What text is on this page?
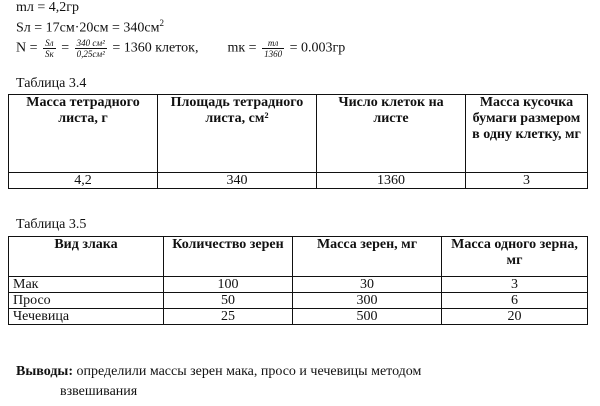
mл = 4,2гр
Sл = $17см\cdot 20см = 340см^2$
$N = \frac{Sл}{Sк} = \frac{\text{340 см²}}{\text{0,25см²}} = 1360$ клеток, mк = $\frac{mл}{1360} = 0.003гр$
Таблица 3.4
Масса тетрадного листа, г	Площадь тетрадного листа, см²	Число клеток на листе	Масса кусочка бумаги размером в одну клетку, мг
4,2	340	1360	3
Таблица 3.5
Вид злака	Количество зерен	Масса зерен, мг	Масса одного зерна, мг
Мак	100	30	3
Просо	50	300	6
Чечевица	25	500	20
Выводы: определили массы зерен мака, просо и чечевицы методом
взвешивания
